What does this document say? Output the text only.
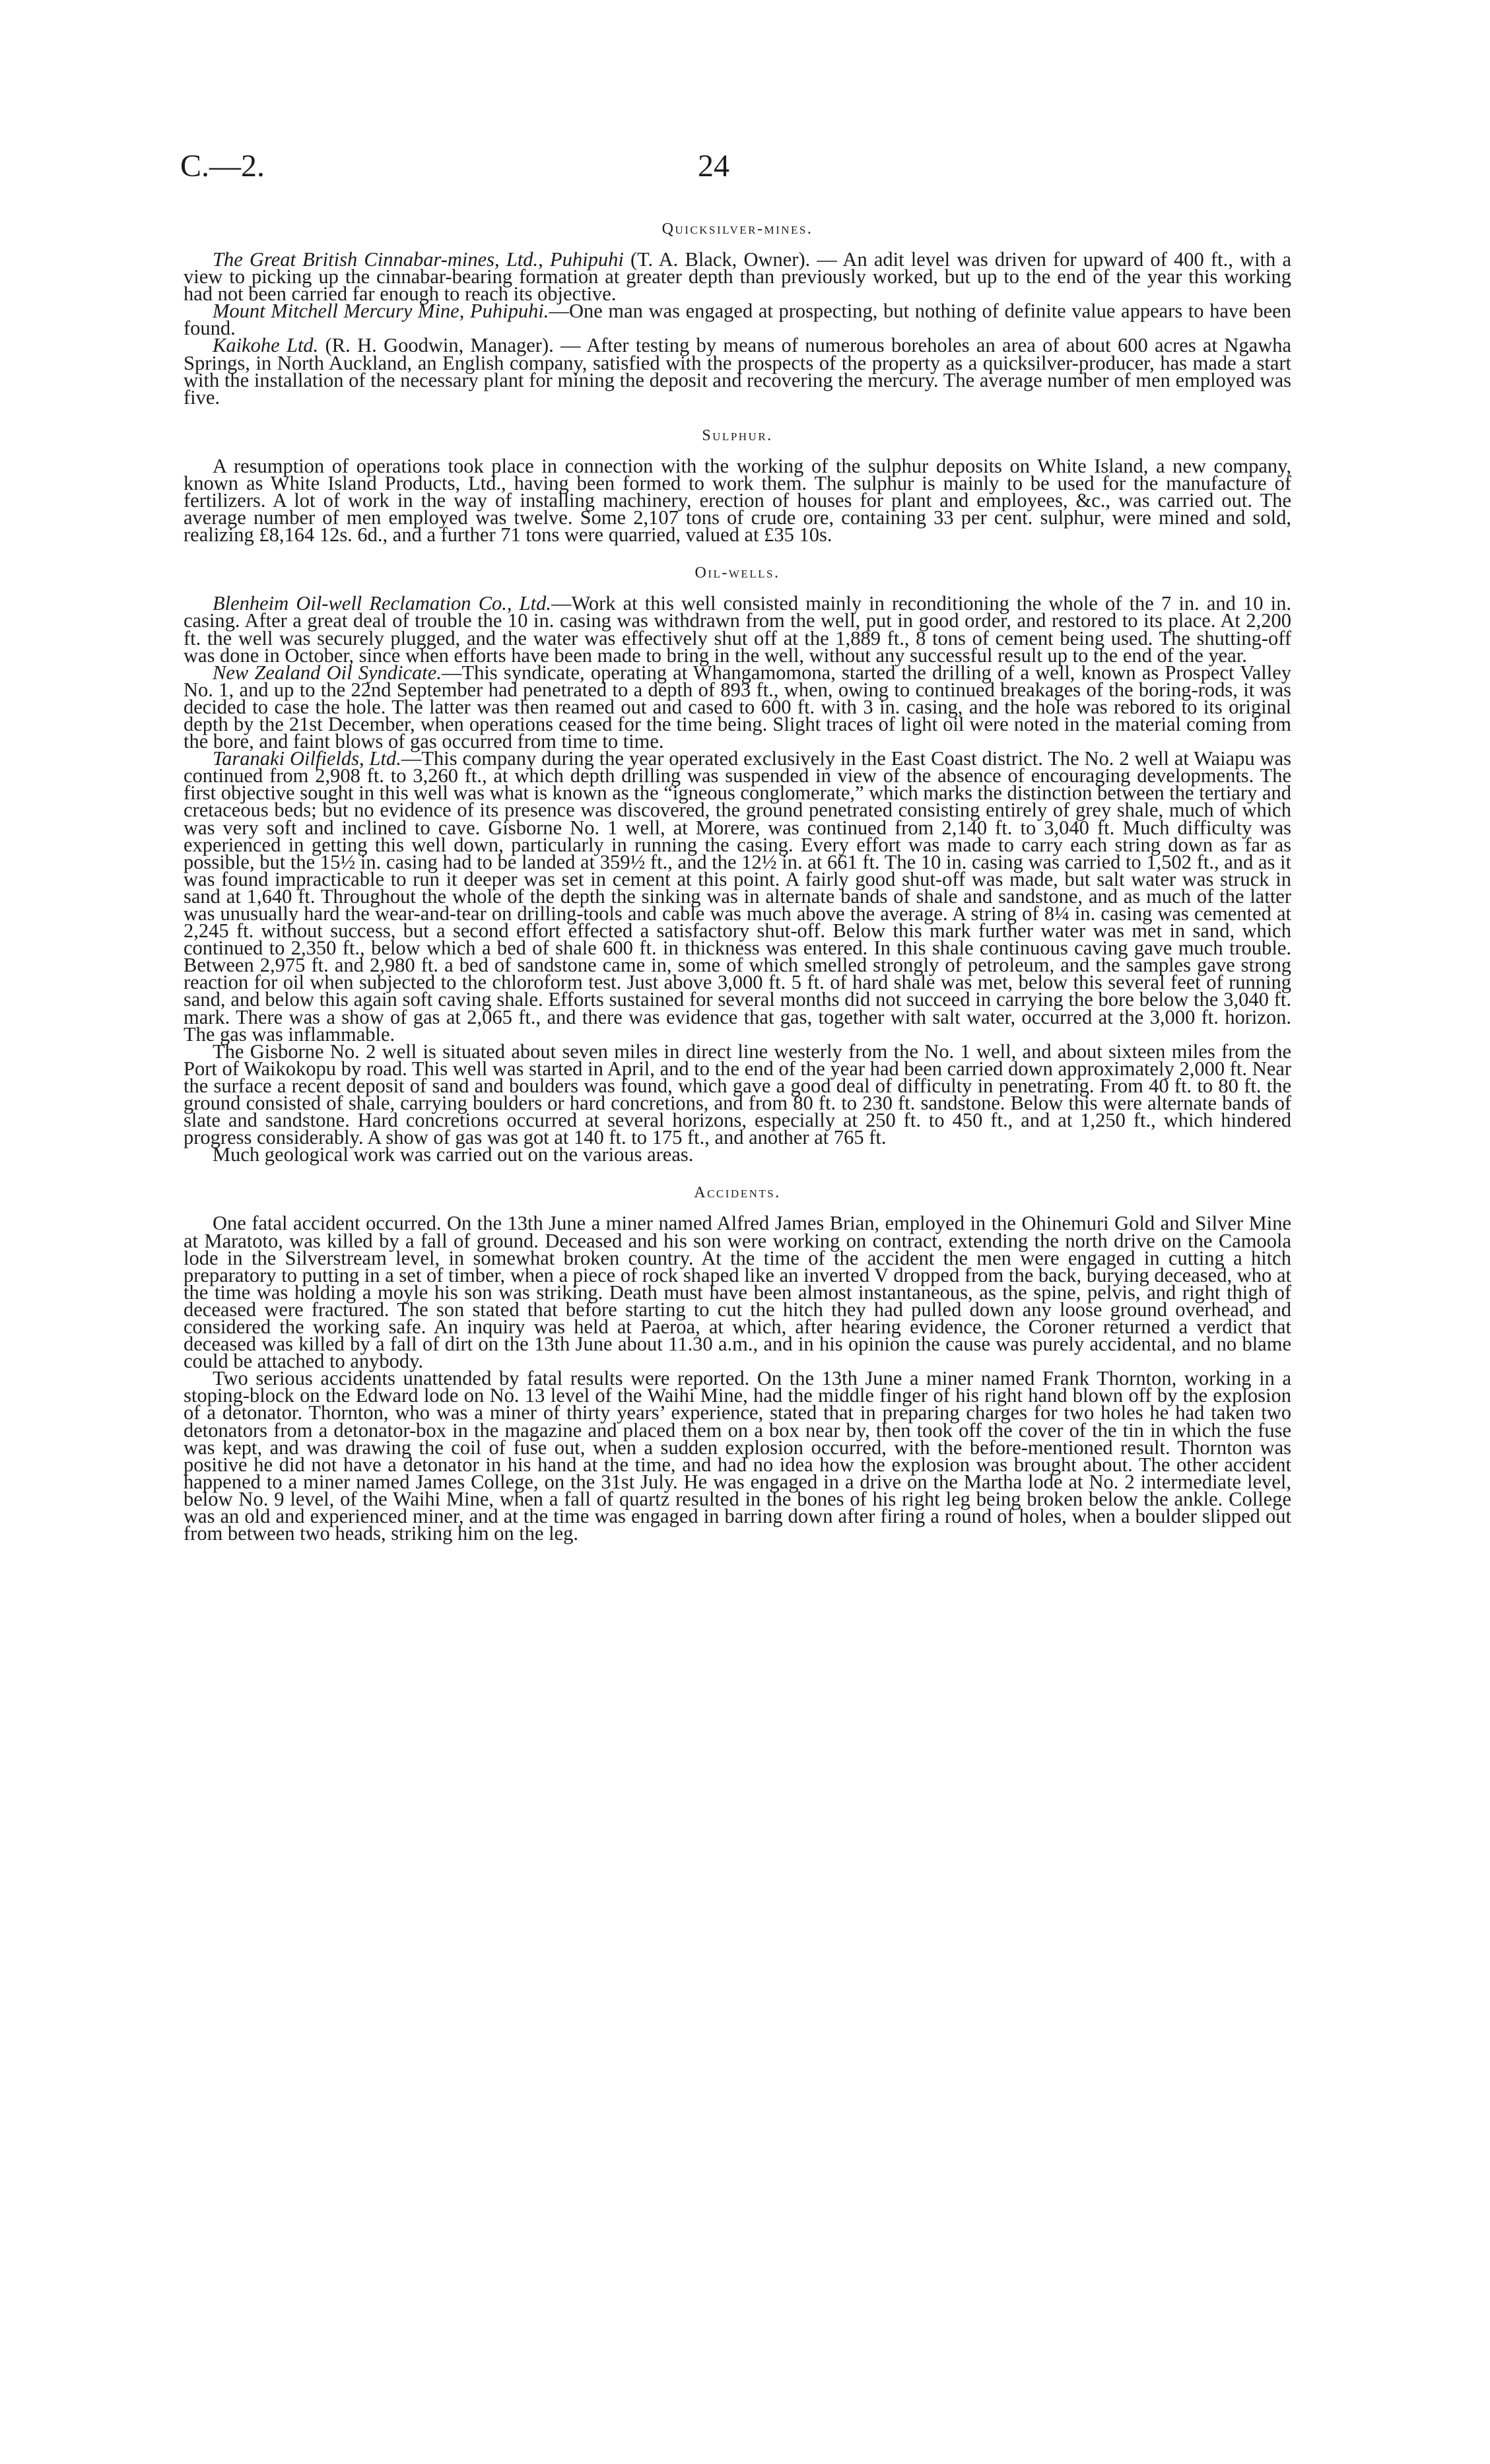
C.—2.	24
Quicksilver-mines.

The Great British Cinnabar-mines, Ltd., Puhipuhi (T. A. Black, Owner). — An adit level was driven for upward of 400 ft., with a view to picking up the cinnabar-bearing formation at greater depth than previously worked, but up to the end of the year this working had not been carried far enough to reach its objective.

Mount Mitchell Mercury Mine, Puhipuhi.—One man was engaged at prospecting, but nothing of definite value appears to have been found.

Kaikohe Ltd. (R. H. Goodwin, Manager). — After testing by means of numerous boreholes an area of about 600 acres at Ngawha Springs, in North Auckland, an English company, satisfied with the prospects of the property as a quicksilver-producer, has made a start with the installation of the necessary plant for mining the deposit and recovering the mercury. The average number of men employed was five.

Sulphur.

A resumption of operations took place in connection with the working of the sulphur deposits on White Island, a new company, known as White Island Products, Ltd., having been formed to work them. The sulphur is mainly to be used for the manufacture of fertilizers. A lot of work in the way of installing machinery, erection of houses for plant and employees, &c., was carried out. The average number of men employed was twelve. Some 2,107 tons of crude ore, containing 33 per cent. sulphur, were mined and sold, realizing £8,164 12s. 6d., and a further 71 tons were quarried, valued at £35 10s.

Oil-wells.

Blenheim Oil-well Reclamation Co., Ltd.—Work at this well consisted mainly in reconditioning the whole of the 7 in. and 10 in. casing. After a great deal of trouble the 10 in. casing was withdrawn from the well, put in good order, and restored to its place. At 2,200 ft. the well was securely plugged, and the water was effectively shut off at the 1,889 ft., 8 tons of cement being used. The shutting-off was done in October, since when efforts have been made to bring in the well, without any successful result up to the end of the year.

New Zealand Oil Syndicate.—This syndicate, operating at Whangamomona, started the drilling of a well, known as Prospect Valley No. 1, and up to the 22nd September had penetrated to a depth of 893 ft., when, owing to continued breakages of the boring-rods, it was decided to case the hole. The latter was then reamed out and cased to 600 ft. with 3 in. casing, and the hole was rebored to its original depth by the 21st December, when operations ceased for the time being. Slight traces of light oil were noted in the material coming from the bore, and faint blows of gas occurred from time to time.

Taranaki Oilfields, Ltd.—This company during the year operated exclusively in the East Coast district. The No. 2 well at Waiapu was continued from 2,908 ft. to 3,260 ft., at which depth drilling was suspended in view of the absence of encouraging developments. The first objective sought in this well was what is known as the “igneous conglomerate,” which marks the distinction between the tertiary and cretaceous beds; but no evidence of its presence was discovered, the ground penetrated consisting entirely of grey shale, much of which was very soft and inclined to cave. Gisborne No. 1 well, at Morere, was continued from 2,140 ft. to 3,040 ft. Much difficulty was experienced in getting this well down, particularly in running the casing. Every effort was made to carry each string down as far as possible, but the 15½ in. casing had to be landed at 359½ ft., and the 12½ in. at 661 ft. The 10 in. casing was carried to 1,502 ft., and as it was found impracticable to run it deeper was set in cement at this point. A fairly good shut-off was made, but salt water was struck in sand at 1,640 ft. Throughout the whole of the depth the sinking was in alternate bands of shale and sandstone, and as much of the latter was unusually hard the wear-and-tear on drilling-tools and cable was much above the average. A string of 8¼ in. casing was cemented at 2,245 ft. without success, but a second effort effected a satisfactory shut-off. Below this mark further water was met in sand, which continued to 2,350 ft., below which a bed of shale 600 ft. in thickness was entered. In this shale continuous caving gave much trouble. Between 2,975 ft. and 2,980 ft. a bed of sandstone came in, some of which smelled strongly of petroleum, and the samples gave strong reaction for oil when subjected to the chloroform test. Just above 3,000 ft. 5 ft. of hard shale was met, below this several feet of running sand, and below this again soft caving shale. Efforts sustained for several months did not succeed in carrying the bore below the 3,040 ft. mark. There was a show of gas at 2,065 ft., and there was evidence that gas, together with salt water, occurred at the 3,000 ft. horizon. The gas was inflammable.

The Gisborne No. 2 well is situated about seven miles in direct line westerly from the No. 1 well, and about sixteen miles from the Port of Waikokopu by road. This well was started in April, and to the end of the year had been carried down approximately 2,000 ft. Near the surface a recent deposit of sand and boulders was found, which gave a good deal of difficulty in penetrating. From 40 ft. to 80 ft. the ground consisted of shale, carrying boulders or hard concretions, and from 80 ft. to 230 ft. sandstone. Below this were alternate bands of slate and sandstone. Hard concretions occurred at several horizons, especially at 250 ft. to 450 ft., and at 1,250 ft., which hindered progress considerably. A show of gas was got at 140 ft. to 175 ft., and another at 765 ft.

Much geological work was carried out on the various areas.

Accidents.

One fatal accident occurred. On the 13th June a miner named Alfred James Brian, employed in the Ohinemuri Gold and Silver Mine at Maratoto, was killed by a fall of ground. Deceased and his son were working on contract, extending the north drive on the Camoola lode in the Silverstream level, in somewhat broken country. At the time of the accident the men were engaged in cutting a hitch preparatory to putting in a set of timber, when a piece of rock shaped like an inverted V dropped from the back, burying deceased, who at the time was holding a moyle his son was striking. Death must have been almost instantaneous, as the spine, pelvis, and right thigh of deceased were fractured. The son stated that before starting to cut the hitch they had pulled down any loose ground overhead, and considered the working safe. An inquiry was held at Paeroa, at which, after hearing evidence, the Coroner returned a verdict that deceased was killed by a fall of dirt on the 13th June about 11.30 a.m., and in his opinion the cause was purely accidental, and no blame could be attached to anybody.

Two serious accidents unattended by fatal results were reported. On the 13th June a miner named Frank Thornton, working in a stoping-block on the Edward lode on No. 13 level of the Waihi Mine, had the middle finger of his right hand blown off by the explosion of a detonator. Thornton, who was a miner of thirty years’ experience, stated that in preparing charges for two holes he had taken two detonators from a detonator-box in the magazine and placed them on a box near by, then took off the cover of the tin in which the fuse was kept, and was drawing the coil of fuse out, when a sudden explosion occurred, with the before-mentioned result. Thornton was positive he did not have a detonator in his hand at the time, and had no idea how the explosion was brought about. The other accident happened to a miner named James College, on the 31st July. He was engaged in a drive on the Martha lode at No. 2 intermediate level, below No. 9 level, of the Waihi Mine, when a fall of quartz resulted in the bones of his right leg being broken below the ankle. College was an old and experienced miner, and at the time was engaged in barring down after firing a round of holes, when a boulder slipped out from between two heads, striking him on the leg.
